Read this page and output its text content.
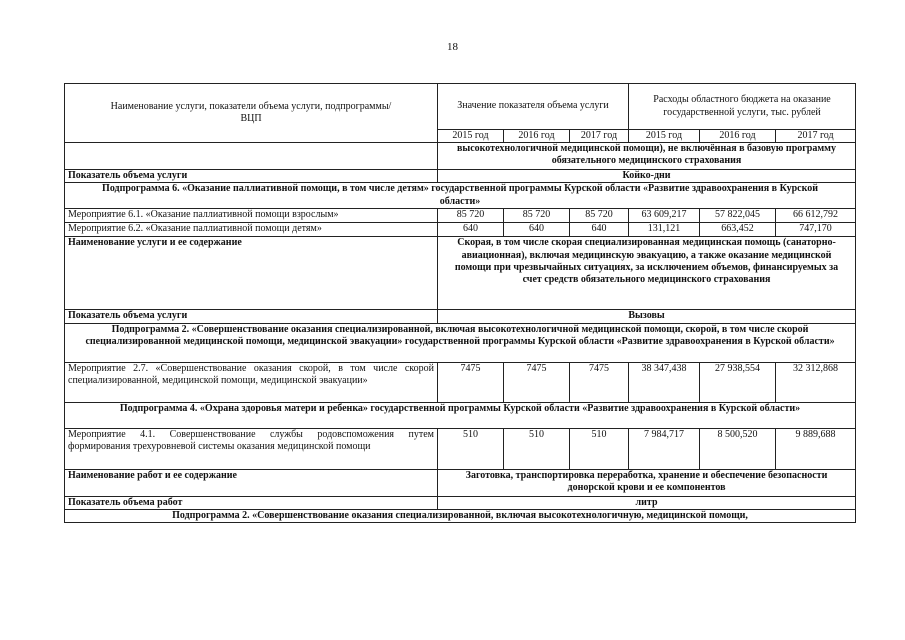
18
Наименование услуги, показатели объема услуги, подпрограммы/ВЦП	Значение показателя объема услуги			Расходы областного бюджета на оказание государственной услуги, тыс. рублей		
	2015 год	2016 год	2017 год	2015 год	2016 год	2017 год
	высокотехнологичной медицинской помощи), не включённая в базовую программу обязательного медицинского страхования					
Показатель объема услуги	Койко-дни					
Подпрограмма 6. «Оказание паллиативной помощи, в том числе детям» государственной программы Курской области «Развитие здравоохранения в Курской области»						
Мероприятие 6.1. «Оказание паллиативной помощи взрослым»	85 720	85 720	85 720	63 609,217	57 822,045	66 612,792
Мероприятие 6.2. «Оказание паллиативной помощи детям»	640	640	640	131,121	663,452	747,170
Наименование услуги и ее содержание	Скорая, в том числе скорая специализированная медицинская помощь (санаторно-авиационная), включая медицинскую эвакуацию, а также оказание медицинской помощи при чрезвычайных ситуациях, за исключением объемов, финансируемых за счет средств обязательного медицинского страхования					
Показатель объема услуги	Вызовы					
Подпрограмма 2. «Совершенствование оказания специализированной, включая высокотехнологичной медицинской помощи, скорой, в том числе скорой специализированной медицинской помощи, медицинской эвакуации» государственной программы Курской области «Развитие здравоохранения в Курской области»						
Мероприятие 2.7. «Совершенствование оказания скорой, в том числе скорой специализированной, медицинской помощи, медицинской эвакуации»	7475	7475	7475	38 347,438	27 938,554	32 312,868
Подпрограмма 4. «Охрана здоровья матери и ребенка» государственной программы Курской области «Развитие здравоохранения в Курской области»						
Мероприятие 4.1. Совершенствование службы родовспоможения путем формирования трехуровневой системы оказания медицинской помощи	510	510	510	7 984,717	8 500,520	9 889,688
Наименование работ и ее содержание	Заготовка, транспортировка переработка, хранение и обеспечение безопасности донорской крови и ее компонентов					
Показатель объема работ	литр					
Подпрограмма 2. «Совершенствование оказания специализированной, включая высокотехнологичную, медицинской помощи,						
